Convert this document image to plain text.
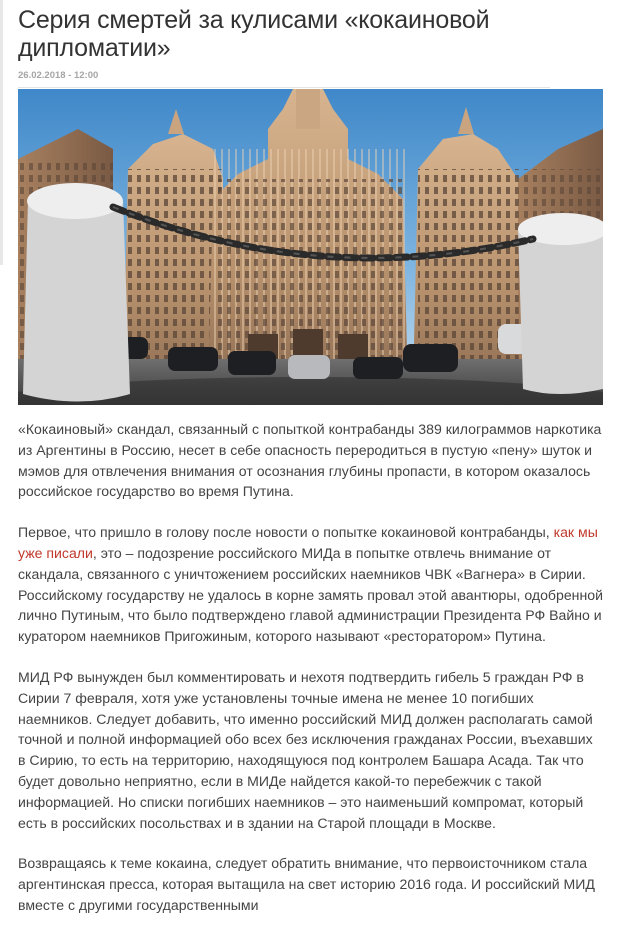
Серия смертей за кулисами «кокаиновой дипломатии»
26.02.2018 - 12:00

«Кокаиновый» скандал, связанный с попыткой контрабанды 389 килограммов наркотика из Аргентины в Россию, несет в себе опасность переродиться в пустую «пену» шуток и мэмов для отвлечения внимания от осознания глубины пропасти, в котором оказалось российское государство во время Путина.

Первое, что пришло в голову после новости о попытке кокаиновой контрабанды, как мы уже писали, это – подозрение российского МИДа в попытке отвлечь внимание от скандала, связанного с уничтожением российских наемников ЧВК «Вагнера» в Сирии. Российскому государству не удалось в корне замять провал этой авантюры, одобренной лично Путиным, что было подтверждено главой администрации Президента РФ Вайно и куратором наемников Пригожиным, которого называют «ресторатором» Путина.

МИД РФ вынужден был комментировать и нехотя подтвердить гибель 5 граждан РФ в Сирии 7 февраля, хотя уже установлены точные имена не менее 10 погибших наемников. Следует добавить, что именно российский МИД должен располагать самой точной и полной информацией обо всех без исключения гражданах России, въехавших в Сирию, то есть на территорию, находящуюся под контролем Башара Асада. Так что будет довольно неприятно, если в МИДе найдется какой-то перебежчик с такой информацией. Но списки погибших наемников – это наименьший компромат, который есть в российских посольствах и в здании на Старой площади в Москве.

Возвращаясь к теме кокаина, следует обратить внимание, что первоисточником стала аргентинская пресса, которая вытащила на свет историю 2016 года. И российский МИД вместе с другими государственными
